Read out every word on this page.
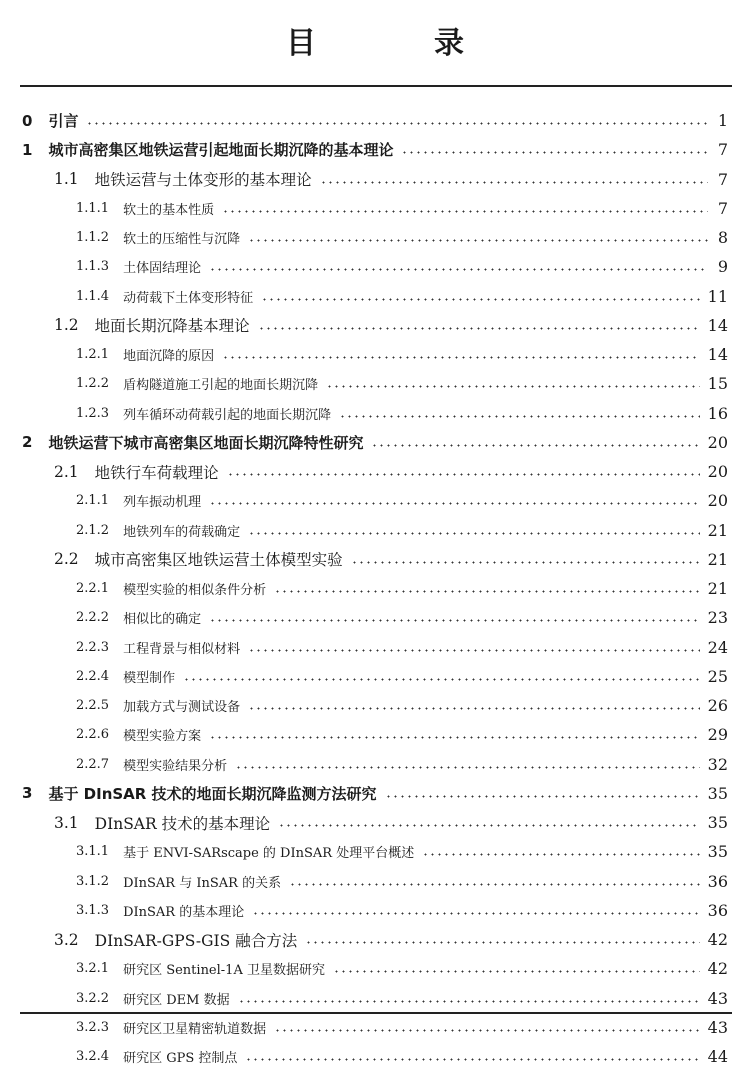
目　录
0 引言	1
1 城市高密集区地铁运营引起地面长期沉降的基本理论	7
1.1 地铁运营与土体变形的基本理论	7
1.1.1 软土的基本性质	7
1.1.2 软土的压缩性与沉降	8
1.1.3 土体固结理论	9
1.1.4 动荷载下土体变形特征	11
1.2 地面长期沉降基本理论	14
1.2.1 地面沉降的原因	14
1.2.2 盾构隧道施工引起的地面长期沉降	15
1.2.3 列车循环动荷载引起的地面长期沉降	16
2 地铁运营下城市高密集区地面长期沉降特性研究	20
2.1 地铁行车荷载理论	20
2.1.1 列车振动机理	20
2.1.2 地铁列车的荷载确定	21
2.2 城市高密集区地铁运营土体模型实验	21
2.2.1 模型实验的相似条件分析	21
2.2.2 相似比的确定	23
2.2.3 工程背景与相似材料	24
2.2.4 模型制作	25
2.2.5 加载方式与测试设备	26
2.2.6 模型实验方案	29
2.2.7 模型实验结果分析	32
3 基于 DInSAR 技术的地面长期沉降监测方法研究	35
3.1 DInSAR 技术的基本理论	35
3.1.1 基于 ENVI-SARscape 的 DInSAR 处理平台概述	35
3.1.2 DInSAR 与 InSAR 的关系	36
3.1.3 DInSAR 的基本理论	36
3.2 DInSAR-GPS-GIS 融合方法	42
3.2.1 研究区 Sentinel-1A 卫星数据研究	42
3.2.2 研究区 DEM 数据	43
3.2.3 研究区卫星精密轨道数据	43
3.2.4 研究区 GPS 控制点	44
